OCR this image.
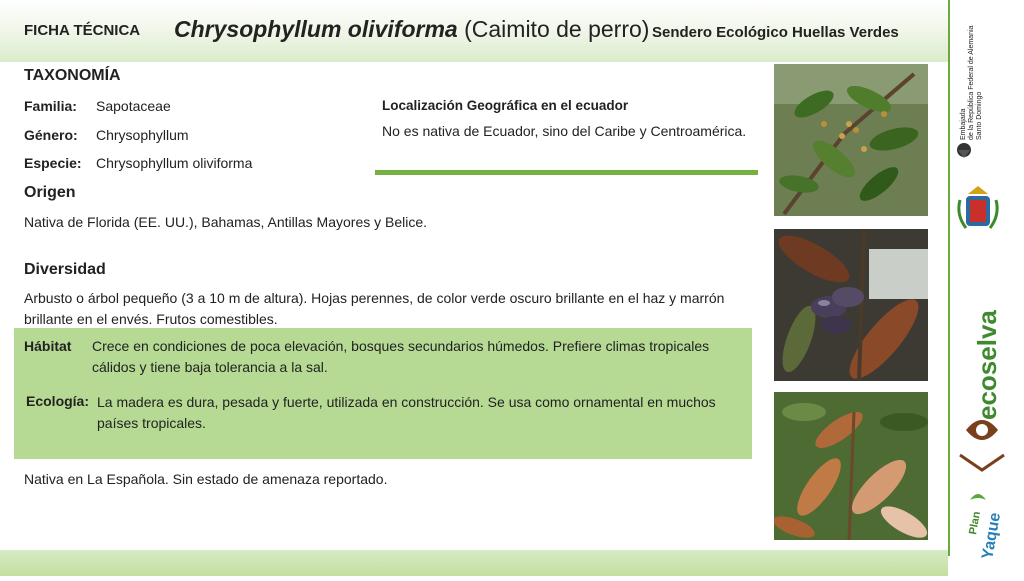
FICHA TÉCNICA Chrysophyllum oliviforma (Caimito de perro) Sendero Ecológico Huellas Verdes
TAXONOMÍA
Familia: Sapotaceae
Género: Chrysophyllum
Especie: Chrysophyllum oliviforma
Localización Geográfica en el ecuador
No es nativa de Ecuador, sino del Caribe y Centroamérica.
Origen
Nativa de Florida (EE. UU.), Bahamas, Antillas Mayores y Belice.
Diversidad
Arbusto o árbol pequeño (3 a 10 m de altura). Hojas perennes, de color verde oscuro brillante en el haz y marrón brillante en el envés. Frutos comestibles.
Hábitat Crece en condiciones de poca elevación, bosques secundarios húmedos. Prefiere climas tropicales cálidos y tiene baja tolerancia a la sal.
Ecología: La madera es dura, pesada y fuerte, utilizada en construcción. Se usa como ornamental en muchos países tropicales.
Nativa en La Española. Sin estado de amenaza reportado.
Embajada de la República Federal de Alemania Santo Domingo
ecoselva
Plan
Yaque
